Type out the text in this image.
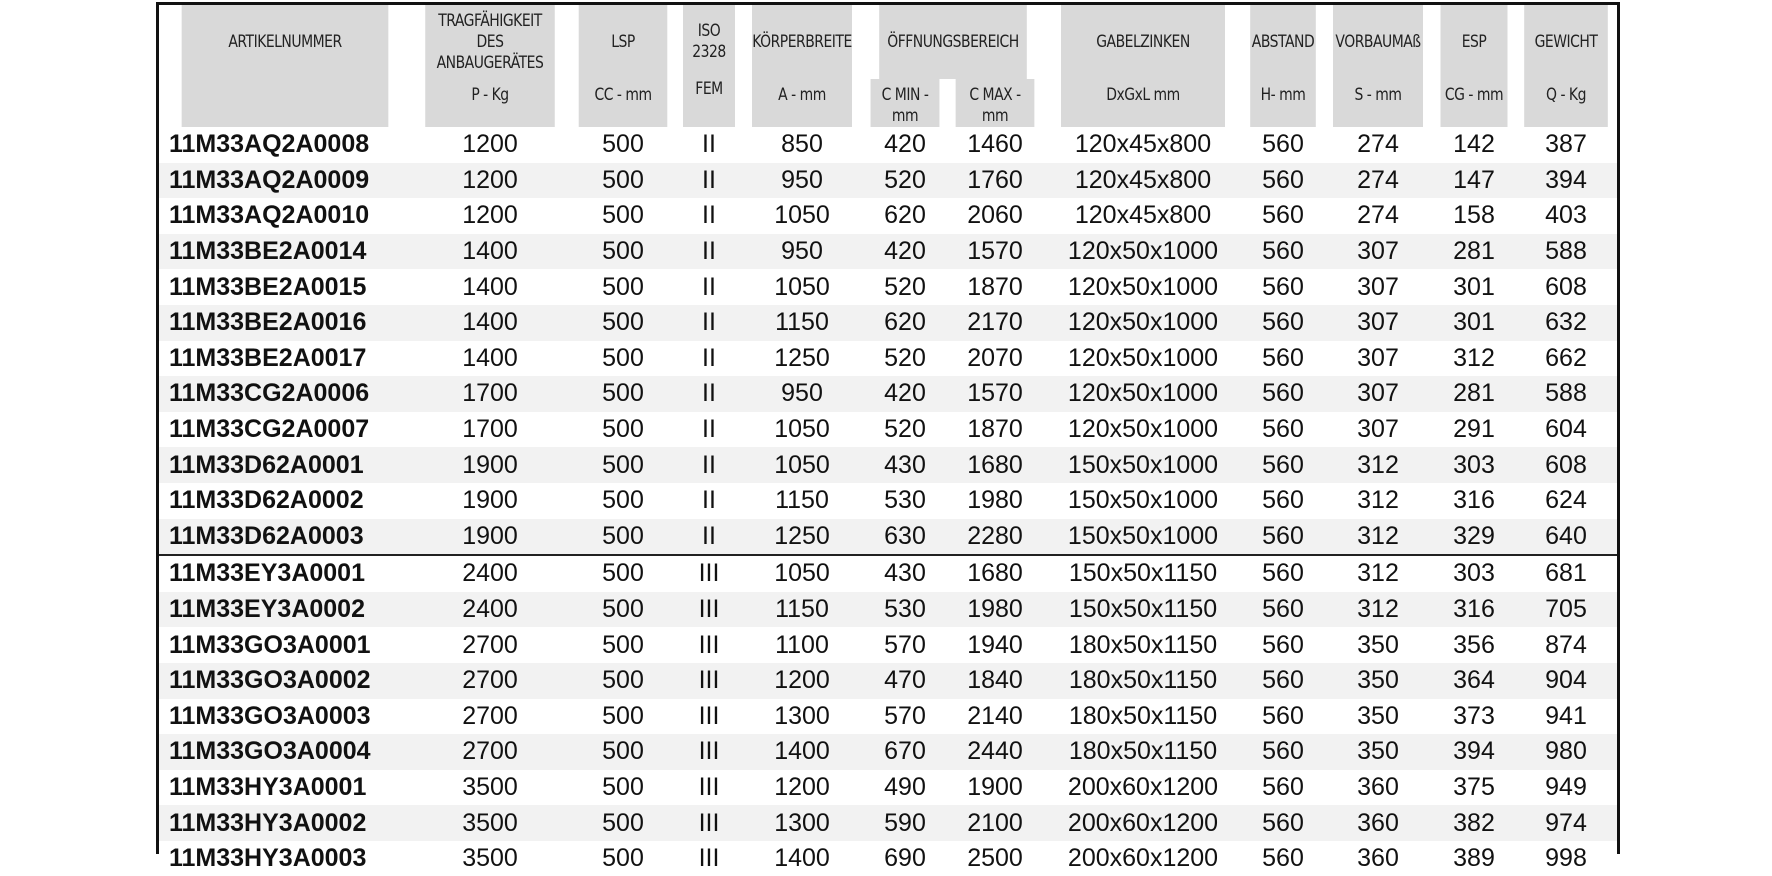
ARTIKELNUMMER	TRAGFÄHIGKEIT DES ANBAUGERÄTES	LSP	ISO 2328	KÖRPERBREITE	ÖFFNUNGSBEREICH		GABELZINKEN	ABSTAND	VORBAUMAß	ESP	GEWICHT
	P - Kg	CC - mm	FEM	A - mm	C MIN - mm	C MAX - mm	DxGxL mm	H- mm	S - mm	CG - mm	Q - Kg
11M33AQ2A0008	1200	500	II	850	420	1460	120x45x800	560	274	142	387
11M33AQ2A0009	1200	500	II	950	520	1760	120x45x800	560	274	147	394
11M33AQ2A0010	1200	500	II	1050	620	2060	120x45x800	560	274	158	403
11M33BE2A0014	1400	500	II	950	420	1570	120x50x1000	560	307	281	588
11M33BE2A0015	1400	500	II	1050	520	1870	120x50x1000	560	307	301	608
11M33BE2A0016	1400	500	II	1150	620	2170	120x50x1000	560	307	301	632
11M33BE2A0017	1400	500	II	1250	520	2070	120x50x1000	560	307	312	662
11M33CG2A0006	1700	500	II	950	420	1570	120x50x1000	560	307	281	588
11M33CG2A0007	1700	500	II	1050	520	1870	120x50x1000	560	307	291	604
11M33D62A0001	1900	500	II	1050	430	1680	150x50x1000	560	312	303	608
11M33D62A0002	1900	500	II	1150	530	1980	150x50x1000	560	312	316	624
11M33D62A0003	1900	500	II	1250	630	2280	150x50x1000	560	312	329	640
11M33EY3A0001	2400	500	III	1050	430	1680	150x50x1150	560	312	303	681
11M33EY3A0002	2400	500	III	1150	530	1980	150x50x1150	560	312	316	705
11M33GO3A0001	2700	500	III	1100	570	1940	180x50x1150	560	350	356	874
11M33GO3A0002	2700	500	III	1200	470	1840	180x50x1150	560	350	364	904
11M33GO3A0003	2700	500	III	1300	570	2140	180x50x1150	560	350	373	941
11M33GO3A0004	2700	500	III	1400	670	2440	180x50x1150	560	350	394	980
11M33HY3A0001	3500	500	III	1200	490	1900	200x60x1200	560	360	375	949
11M33HY3A0002	3500	500	III	1300	590	2100	200x60x1200	560	360	382	974
11M33HY3A0003	3500	500	III	1400	690	2500	200x60x1200	560	360	389	998
